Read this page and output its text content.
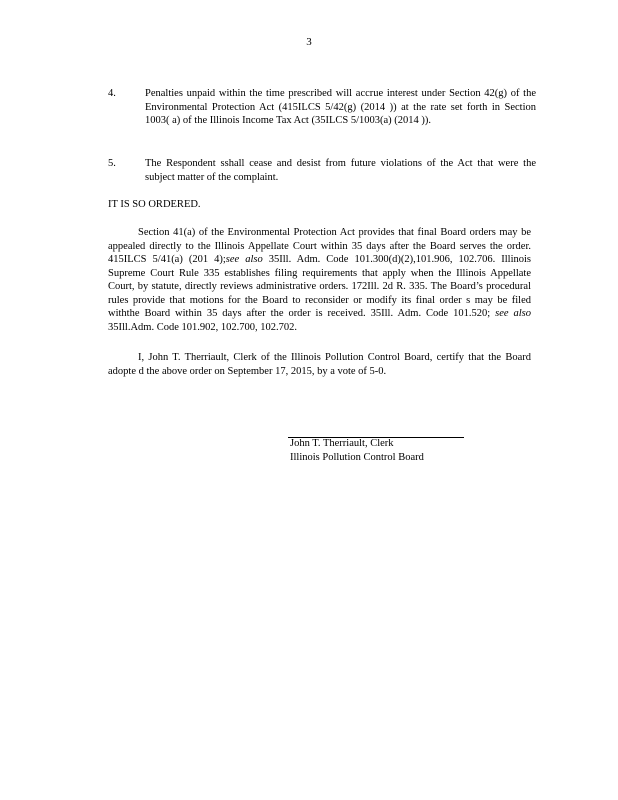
3
4.	Penalties unpaid within the time prescribed will accrue interest under Section 42(g) of the Environmental Protection Act (415ILCS 5/42(g) (2014 )) at the rate set forth in Section 1003( a) of the Illinois Income Tax Act (35ILCS 5/1003(a) (2014 )).
5.	The Respondent sshall cease and desist from future violations of the Act that were the subject matter of the complaint.
IT IS SO ORDERED.
Section 41(a) of the Environmental Protection Act provides that final Board orders may be appealed directly to the Illinois Appellate Court within 35 days after the Board serves the order. 415ILCS 5/41(a) (201 4);see also 35Ill. Adm. Code 101.300(d)(2),101.906, 102.706. Illinois Supreme Court Rule 335 establishes filing requirements that apply when the Illinois Appellate Court, by statute, directly reviews administrative orders. 172Ill. 2d R. 335. The Board’s procedural rules provide that motions for the Board to reconsider or modify its final order s may be filed withthe Board within 35 days after the order is received. 35Ill. Adm. Code 101.520; see also 35Ill.Adm. Code 101.902, 102.700, 102.702.
I, John T. Therriault, Clerk of the Illinois Pollution Control Board, certify that the Board adopte d the above order on September 17, 2015, by a vote of 5-0.
John T. Therriault, Clerk
Illinois Pollution Control Board
